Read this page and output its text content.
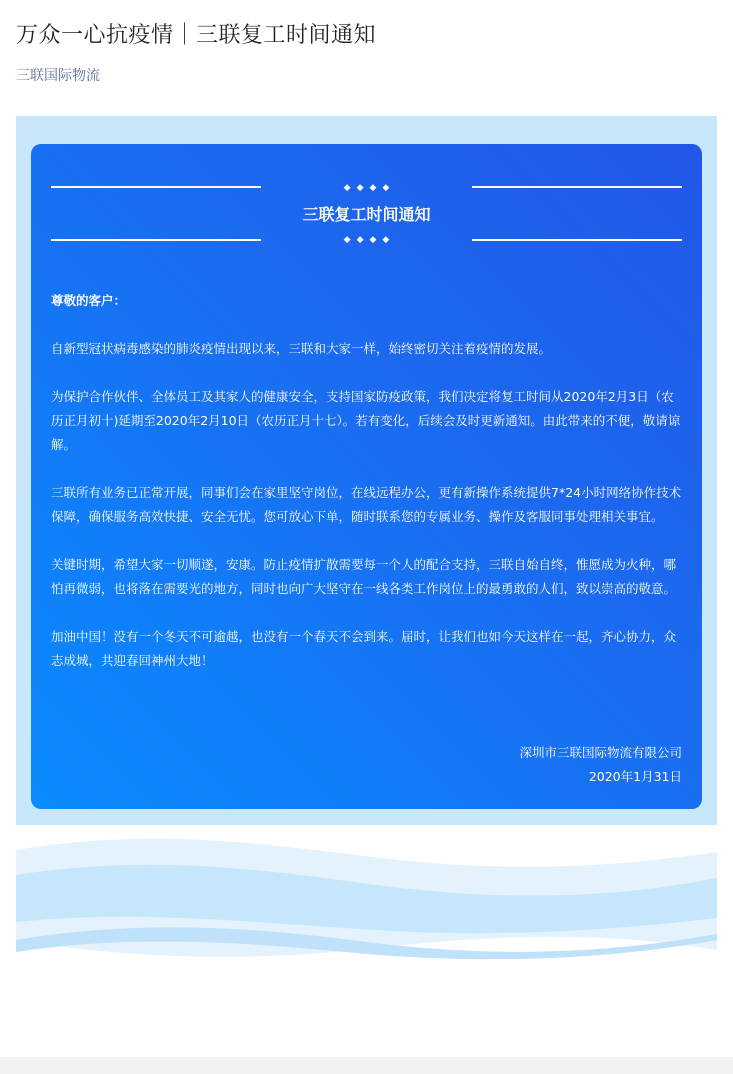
万众一心抗疫情｜三联复工时间通知
三联国际物流
◆◆◆◆
三联复工时间通知
◆◆◆◆

尊敬的客户：

自新型冠状病毒感染的肺炎疫情出现以来，三联和大家一样，始终密切关注着疫情的发展。

为保护合作伙伴、全体员工及其家人的健康安全，支持国家防疫政策，我们决定将复工时间从2020年2月3日（农历正月初十)延期至2020年2月10日（农历正月十七）。若有变化，后续会及时更新通知。由此带来的不便，敬请谅解。

三联所有业务已正常开展，同事们会在家里坚守岗位，在线远程办公，更有新操作系统提供7*24小时网络协作技术保障，确保服务高效快捷、安全无忧。您可放心下单，随时联系您的专属业务、操作及客服同事处理相关事宜。

关键时期，希望大家一切顺遂，安康。防止疫情扩散需要每一个人的配合支持，三联自始自终，惟愿成为火种，哪怕再微弱，也将落在需要光的地方，同时也向广大坚守在一线各类工作岗位上的最勇敢的人们，致以崇高的敬意。

加油中国！没有一个冬天不可逾越，也没有一个春天不会到来。届时，让我们也如今天这样在一起，齐心协力，众志成城，共迎春回神州大地！

深圳市三联国际物流有限公司
2020年1月31日
